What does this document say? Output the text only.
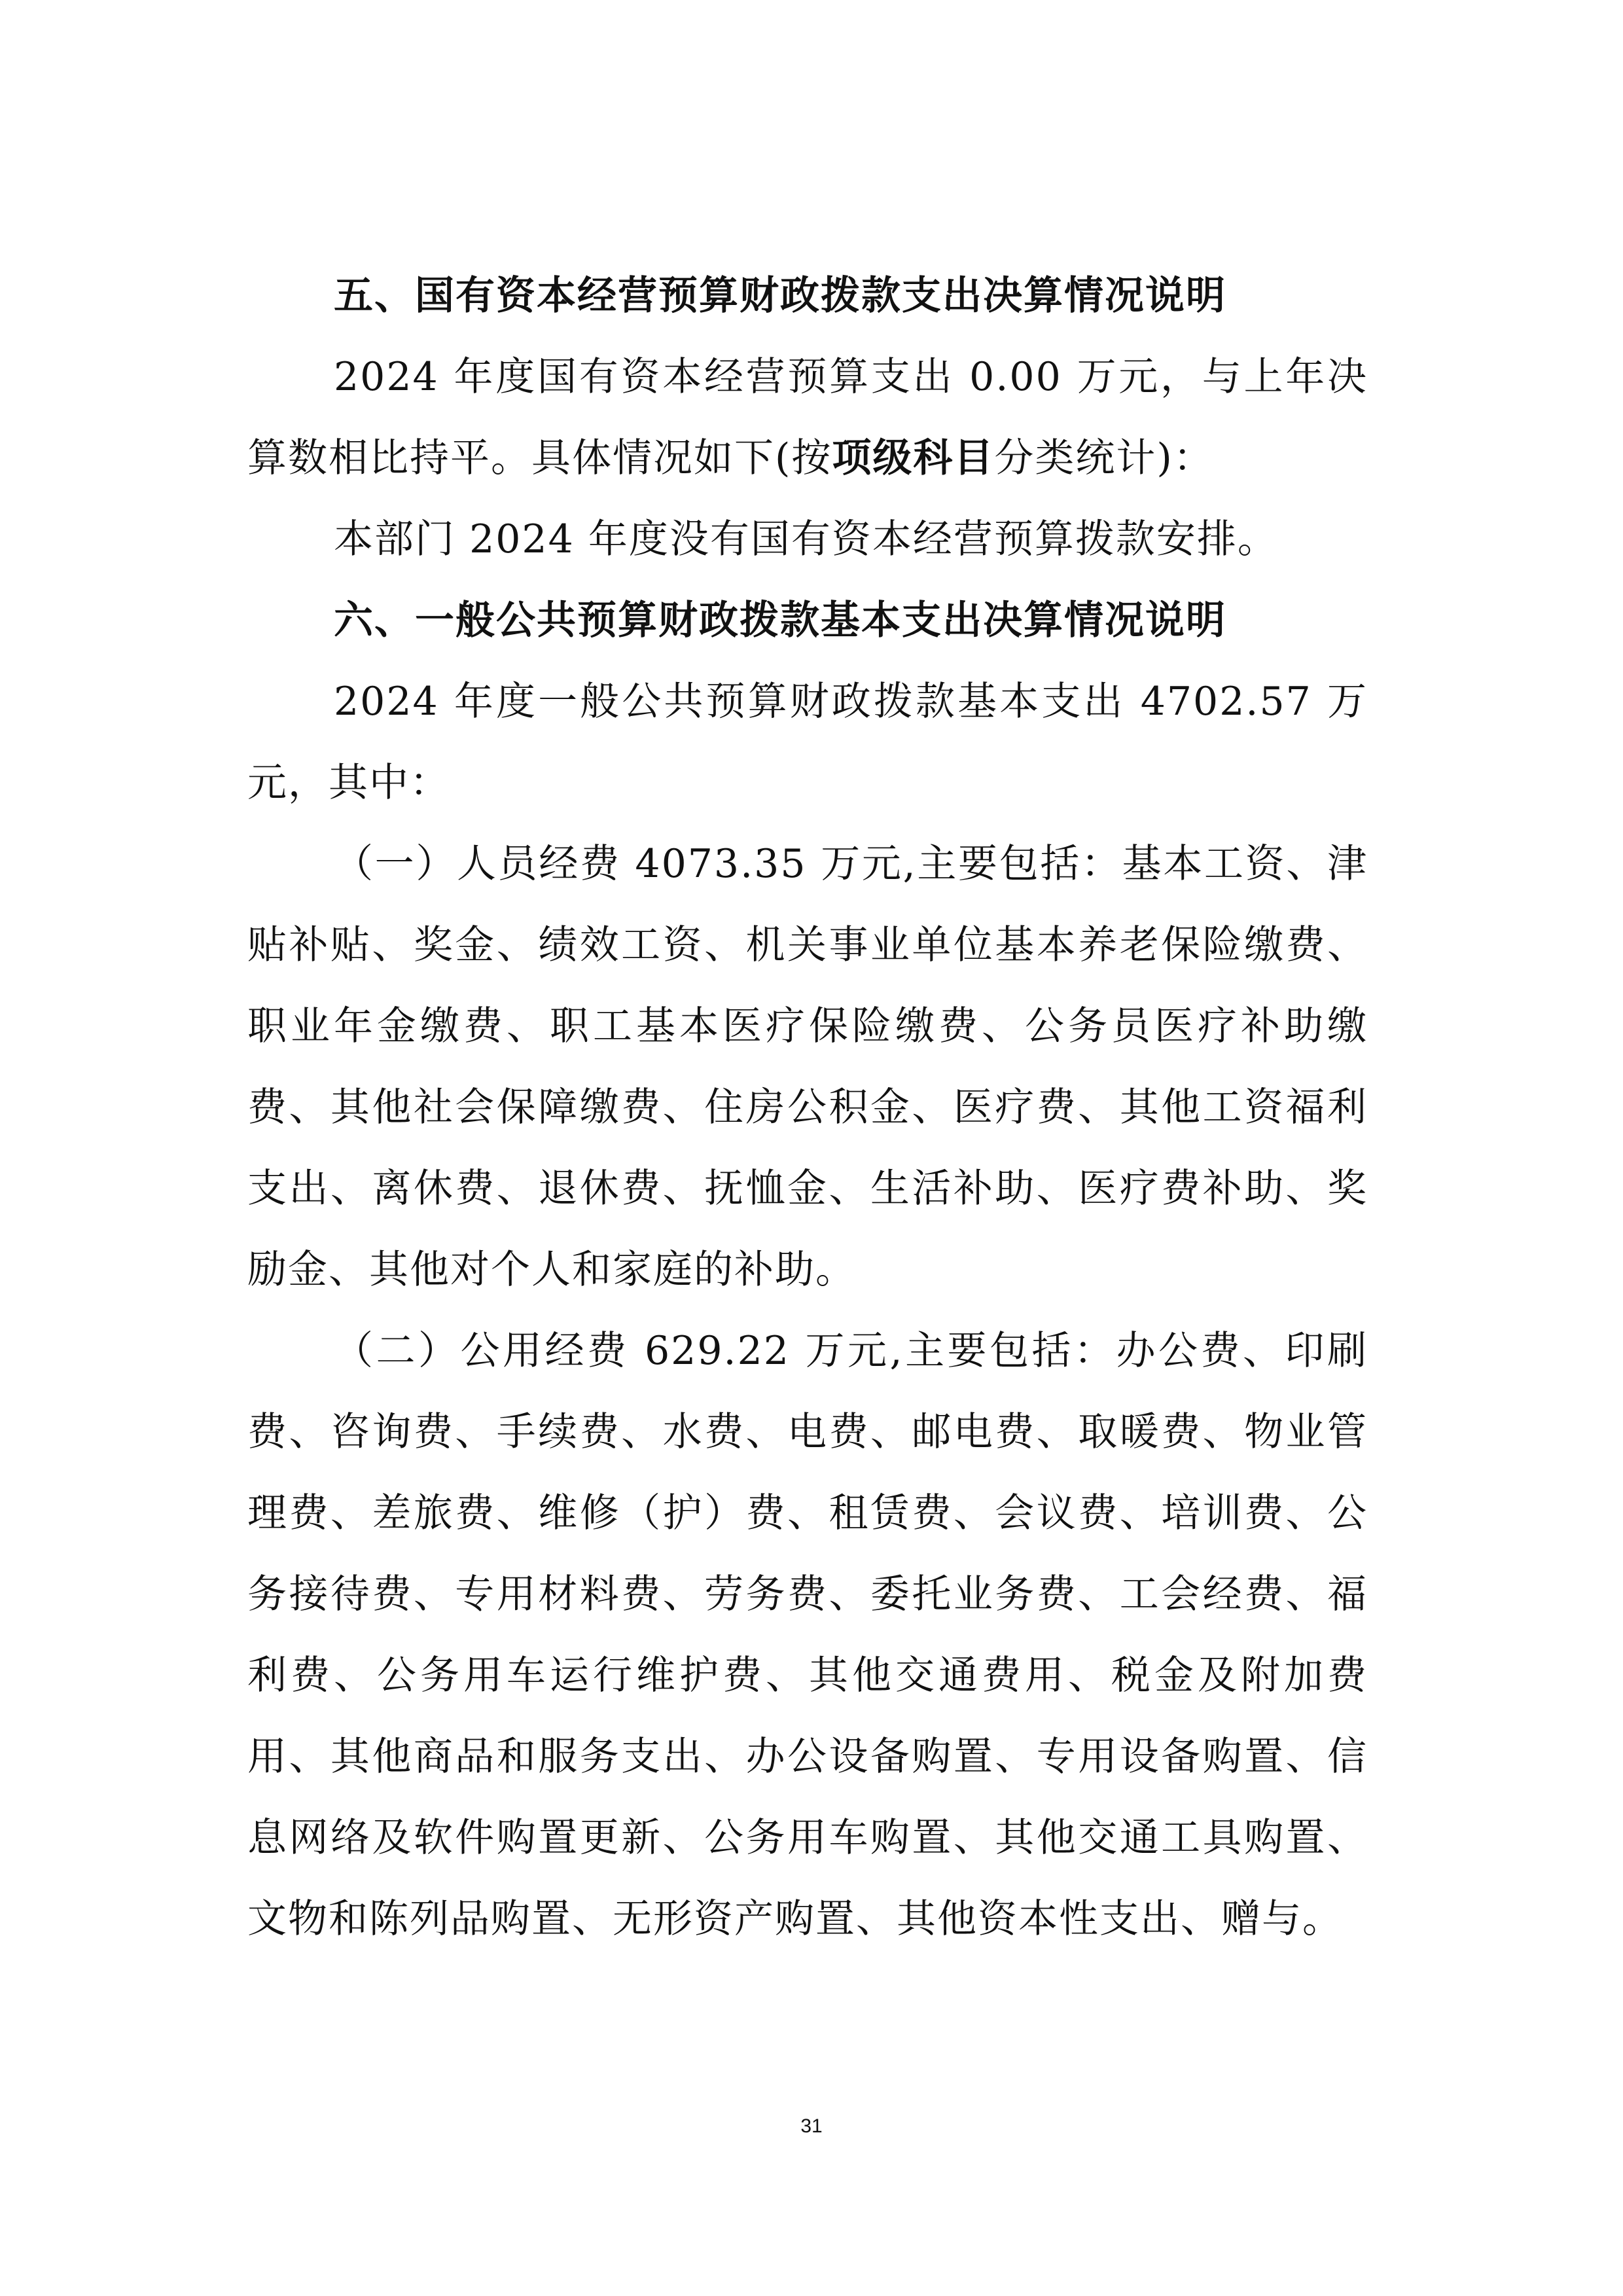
五、国有资本经营预算财政拨款支出决算情况说明

2024 年度国有资本经营预算支出 0.00 万元，与上年决算数相比持平。具体情况如下(按项级科目分类统计)：

本部门 2024 年度没有国有资本经营预算拨款安排。

六、一般公共预算财政拨款基本支出决算情况说明

2024 年度一般公共预算财政拨款基本支出 4702.57 万元，其中：

（一）人员经费 4073.35 万元,主要包括：基本工资、津贴补贴、奖金、绩效工资、机关事业单位基本养老保险缴费、职业年金缴费、职工基本医疗保险缴费、公务员医疗补助缴费、其他社会保障缴费、住房公积金、医疗费、其他工资福利支出、离休费、退休费、抚恤金、生活补助、医疗费补助、奖励金、其他对个人和家庭的补助。

（二）公用经费 629.22 万元,主要包括：办公费、印刷费、咨询费、手续费、水费、电费、邮电费、取暖费、物业管理费、差旅费、维修（护）费、租赁费、会议费、培训费、公务接待费、专用材料费、劳务费、委托业务费、工会经费、福利费、公务用车运行维护费、其他交通费用、税金及附加费用、其他商品和服务支出、办公设备购置、专用设备购置、信息网络及软件购置更新、公务用车购置、其他交通工具购置、文物和陈列品购置、无形资产购置、其他资本性支出、赠与。

31
